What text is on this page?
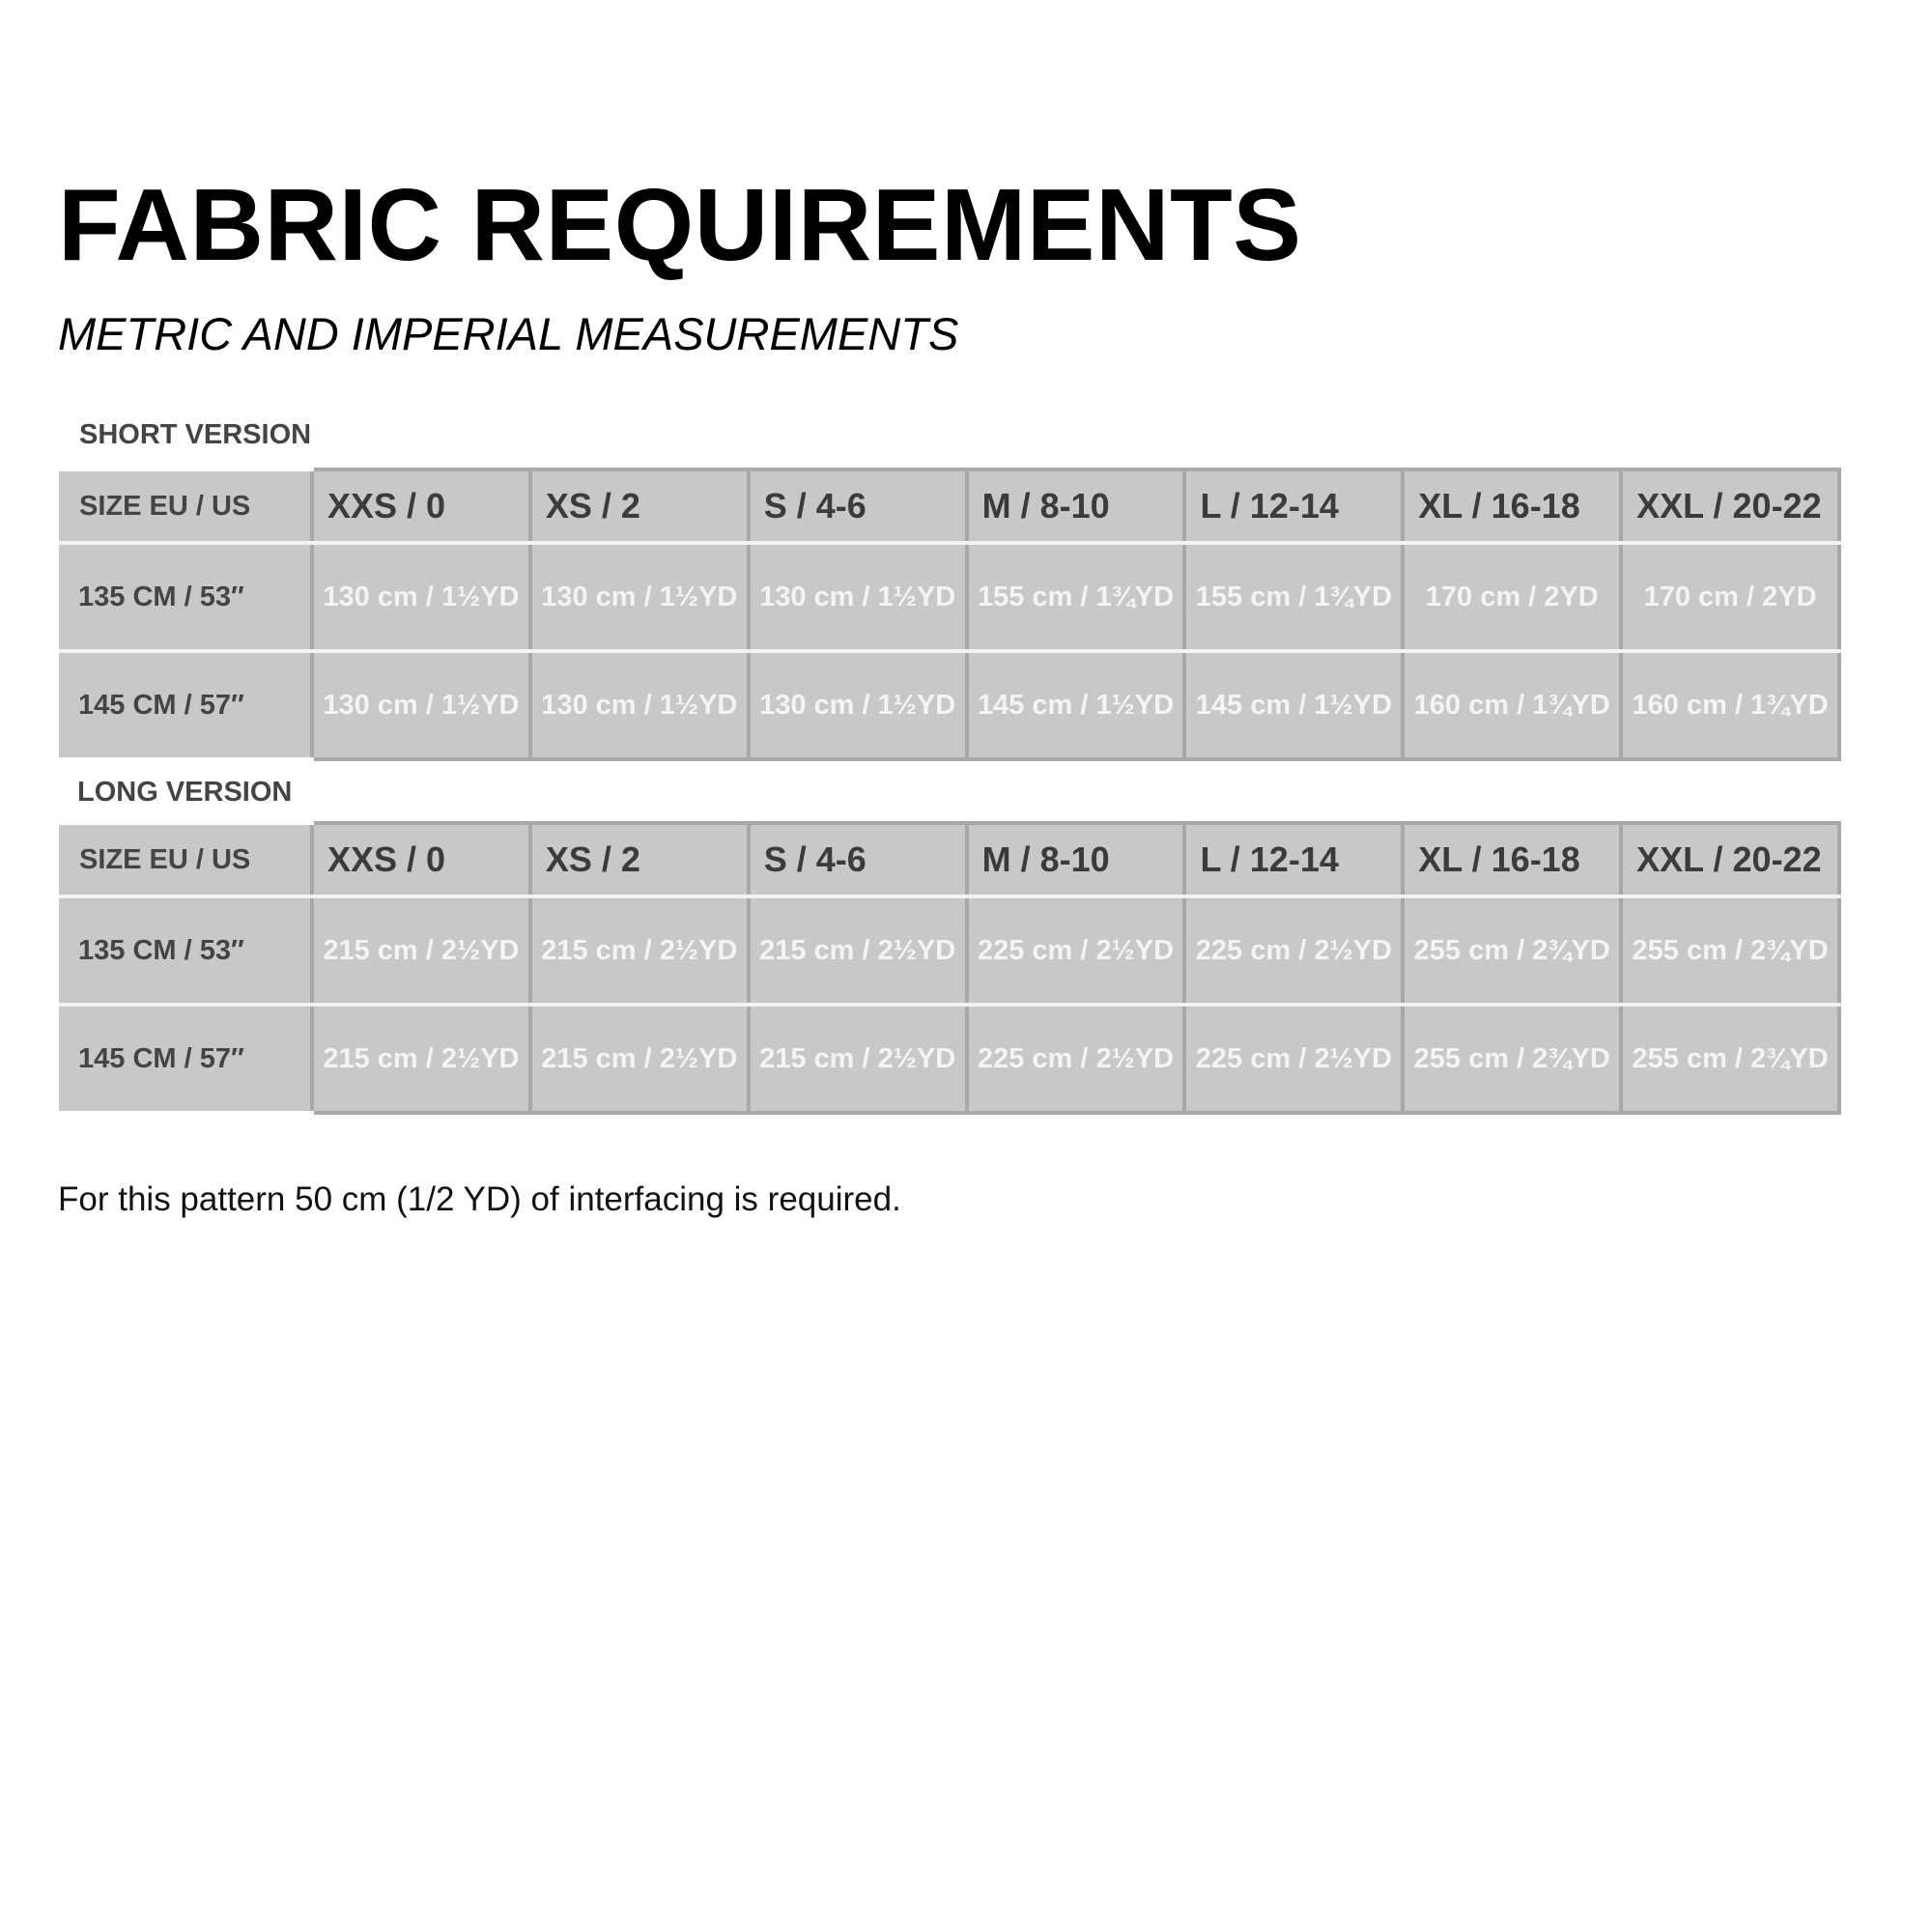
FABRIC REQUIREMENTS
METRIC AND IMPERIAL MEASUREMENTS
SHORT VERSION
SIZE EU / US	XXS / 0	XS / 2	S / 4-6	M / 8-10	L / 12-14	XL / 16-18	XXL / 20-22
135 CM / 53″	130 cm / 1½YD	130 cm / 1½YD	130 cm / 1½YD	155 cm / 1¾YD	155 cm / 1¾YD	170 cm / 2YD	170 cm / 2YD
145 CM / 57″	130 cm / 1½YD	130 cm / 1½YD	130 cm / 1½YD	145 cm / 1½YD	145 cm / 1½YD	160 cm / 1¾YD	160 cm / 1¾YD
LONG VERSION
SIZE EU / US	XXS / 0	XS / 2	S / 4-6	M / 8-10	L / 12-14	XL / 16-18	XXL / 20-22
135 CM / 53″	215 cm / 2½YD	215 cm / 2½YD	215 cm / 2½YD	225 cm / 2½YD	225 cm / 2½YD	255 cm / 2¾YD	255 cm / 2¾YD
145 CM / 57″	215 cm / 2½YD	215 cm / 2½YD	215 cm / 2½YD	225 cm / 2½YD	225 cm / 2½YD	255 cm / 2¾YD	255 cm / 2¾YD

For this pattern 50 cm (1/2 YD) of interfacing is required.
